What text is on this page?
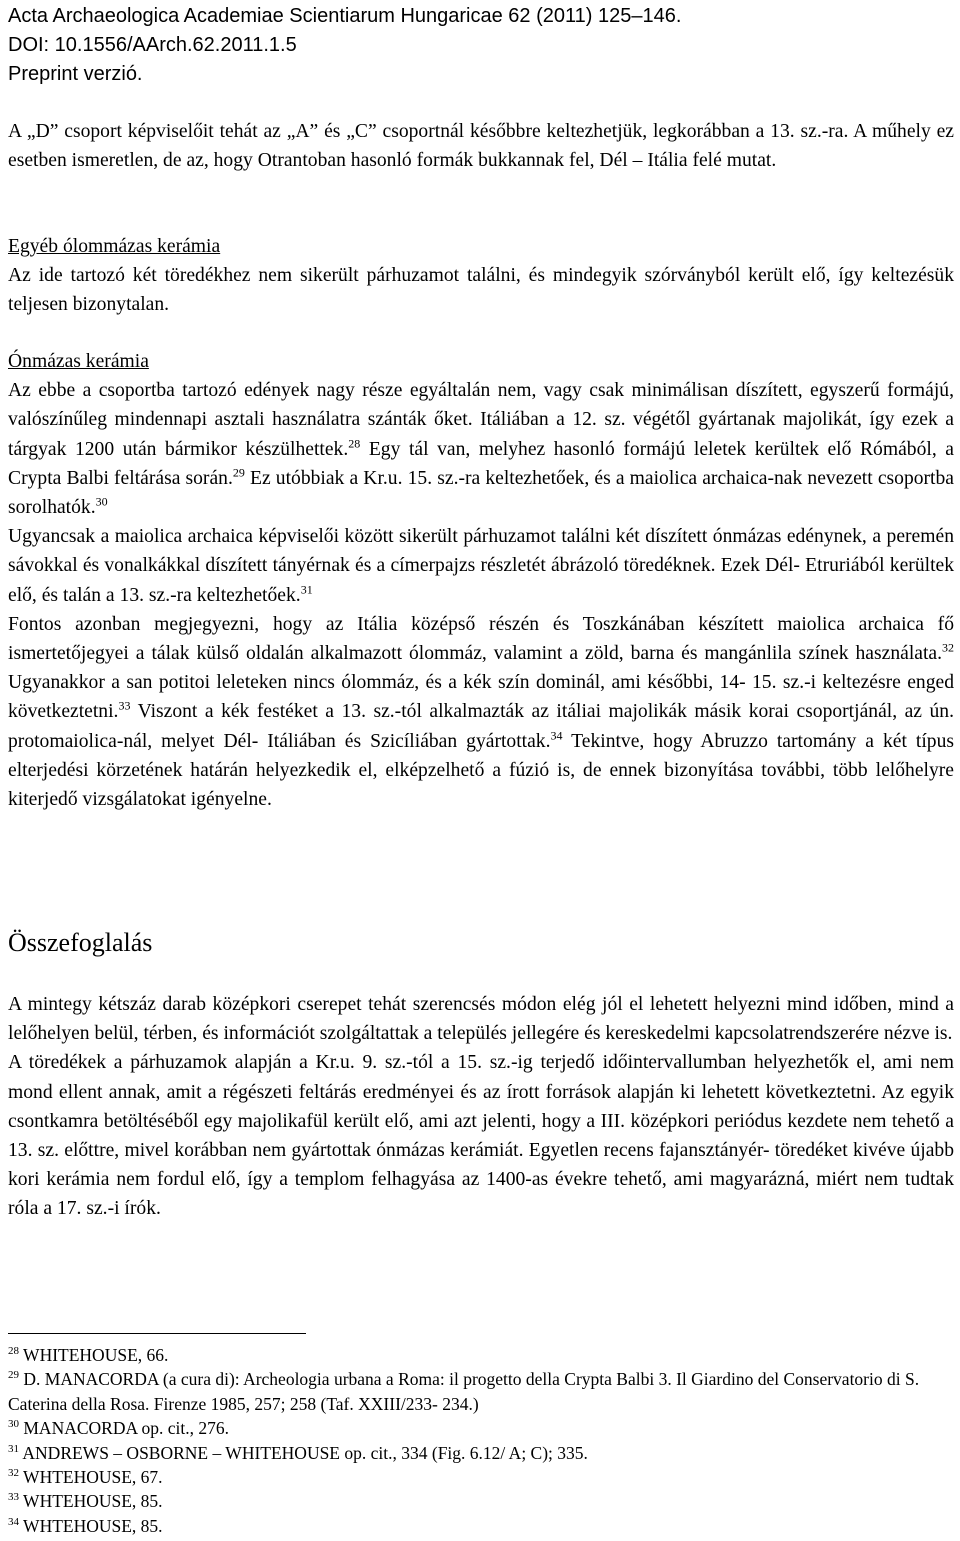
Acta Archaeologica Academiae Scientiarum Hungaricae 62 (2011) 125–146.
DOI: 10.1556/AArch.62.2011.1.5
Preprint verzió.

A „D” csoport képviselőit tehát az „A” és „C” csoportnál későbbre keltezhetjük, legkorábban a 13. sz.-ra. A műhely ez esetben ismeretlen, de az, hogy Otrantoban hasonló formák bukkannak fel, Dél – Itália felé mutat.

Egyéb ólommázas kerámia

Az ide tartozó két töredékhez nem sikerült párhuzamot találni, és mindegyik szórványból került elő, így keltezésük teljesen bizonytalan.

Ónmázas kerámia

Az ebbe a csoportba tartozó edények nagy része egyáltalán nem, vagy csak minimálisan díszített, egyszerű formájú, valószínűleg mindennapi asztali használatra szánták őket. Itáliában a 12. sz. végétől gyártanak majolikát, így ezek a tárgyak 1200 után bármikor készülhettek.$^{28}$ Egy tál van, melyhez hasonló formájú leletek kerültek elő Rómából, a Crypta Balbi feltárása során.$^{29}$ Ez utóbbiak a Kr.u. 15. sz.-ra keltezhetőek, és a maiolica archaica-nak nevezett csoportba sorolhatók.$^{30}$

Ugyancsak a maiolica archaica képviselői között sikerült párhuzamot találni két díszített ónmázas edénynek, a peremén sávokkal és vonalkákkal díszített tányérnak és a címerpajzs részletét ábrázoló töredéknek. Ezek Dél- Etruriából kerültek elő, és talán a 13. sz.-ra keltezhetőek.$^{31}$

Fontos azonban megjegyezni, hogy az Itália középső részén és Toszkánában készített maiolica archaica fő ismertetőjegyei a tálak külső oldalán alkalmazott ólommáz, valamint a zöld, barna és mangánlila színek használata.$^{32}$ Ugyanakkor a san potitoi leleteken nincs ólommáz, és a kék szín dominál, ami későbbi, 14- 15. sz.-i keltezésre enged következtetni.$^{33}$ Viszont a kék festéket a 13. sz.-tól alkalmazták az itáliai majolikák másik korai csoportjánál, az ún. protomaiolica-nál, melyet Dél- Itáliában és Szicíliában gyártottak.$^{34}$ Tekintve, hogy Abruzzo tartomány a két típus elterjedési körzetének határán helyezkedik el, elképzelhető a fúzió is, de ennek bizonyítása további, több lelőhelyre kiterjedő vizsgálatokat igényelne.

Összefoglalás

A mintegy kétszáz darab középkori cserepet tehát szerencsés módon elég jól el lehetett helyezni mind időben, mind a lelőhelyen belül, térben, és információt szolgáltattak a település jellegére és kereskedelmi kapcsolatrendszerére nézve is.

A töredékek a párhuzamok alapján a Kr.u. 9. sz.-tól a 15. sz.-ig terjedő időintervallumban helyezhetők el, ami nem mond ellent annak, amit a régészeti feltárás eredményei és az írott források alapján ki lehetett következtetni. Az egyik csontkamra betöltéséből egy majolikafül került elő, ami azt jelenti, hogy a III. középkori periódus kezdete nem tehető a 13. sz. előttre, mivel korábban nem gyártottak ónmázas kerámiát. Egyetlen recens fajansztányér- töredéket kivéve újabb kori kerámia nem fordul elő, így a templom felhagyása az 1400-as évekre tehető, ami magyarázná, miért nem tudtak róla a 17. sz.-i írók.

$^{28}$ WHITEHOUSE, 66.

$^{29}$ D. MANACORDA (a cura di): Archeologia urbana a Roma: il progetto della Crypta Balbi 3. Il Giardino del Conservatorio di S. Caterina della Rosa. Firenze 1985, 257; 258 (Taf. XXIII/233- 234.)

$^{30}$ MANACORDA op. cit., 276.

$^{31}$ ANDREWS – OSBORNE – WHITEHOUSE op. cit., 334 (Fig. 6.12/ A; C); 335.

$^{32}$ WHTEHOUSE, 67.

$^{33}$ WHTEHOUSE, 85.

$^{34}$ WHTEHOUSE, 85.
